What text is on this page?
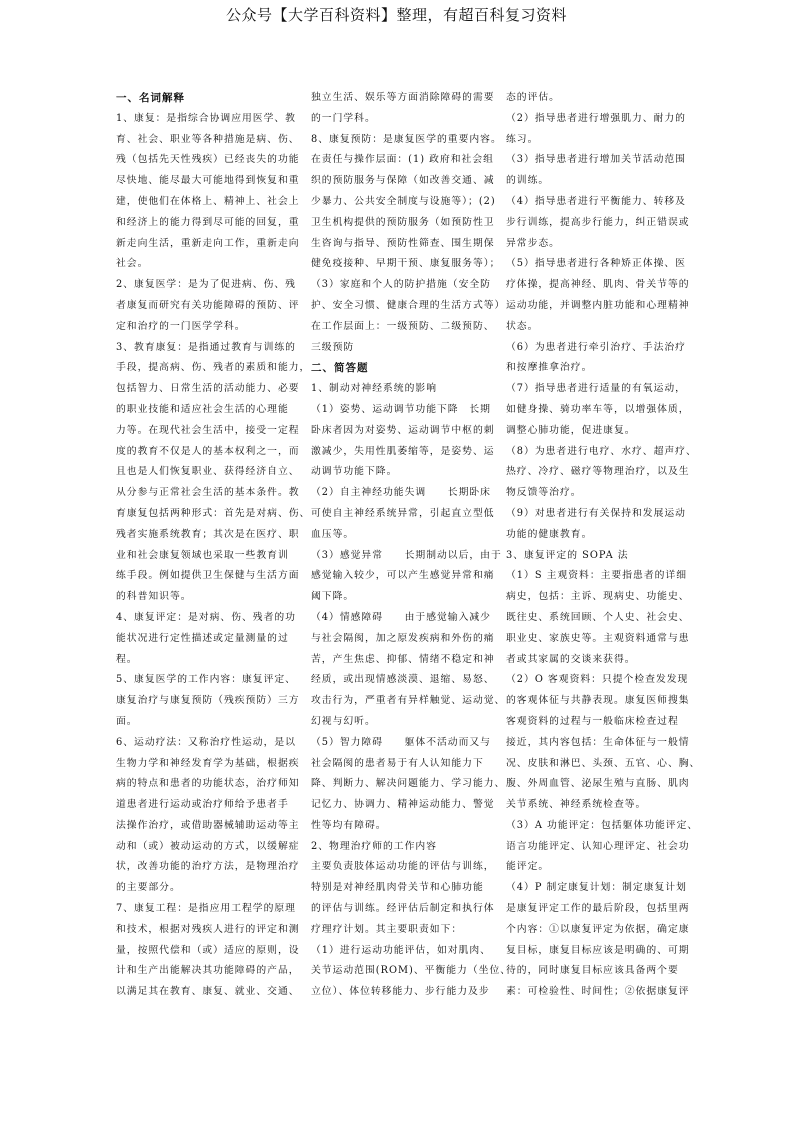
公众号【大学百科资料】整理，有超百科复习资料
一、名词解释
1、康复：是指综合协调应用医学、教
育、社会、职业等各种措施是病、伤、
残（包括先天性残疾）已经丧失的功能
尽快地、能尽最大可能地得到恢复和重
建，使他们在体格上、精神上、社会上
和经济上的能力得到尽可能的回复，重
新走向生活，重新走向工作，重新走向
社会。
2、康复医学：是为了促进病、伤、残
者康复而研究有关功能障碍的预防、评
定和治疗的一门医学学科。
3、教育康复：是指通过教育与训练的
手段，提高病、伤、残者的素质和能力，
包括智力、日常生活的活动能力、必要
的职业技能和适应社会生活的心理能
力等。在现代社会生活中，接受一定程
度的教育不仅是人的基本权利之一，而
且也是人们恢复职业、获得经济自立、
从分参与正常社会生活的基本条件。教
育康复包括两种形式：首先是对病、伤、
残者实施系统教育；其次是在医疗、职
业和社会康复领域也采取一些教育训
练手段。例如提供卫生保健与生活方面
的科普知识等。
4、康复评定：是对病、伤、残者的功
能状况进行定性描述或定量测量的过
程。
5、康复医学的工作内容：康复评定、
康复治疗与康复预防（残疾预防）三方
面。
6、运动疗法：又称治疗性运动，是以
生物力学和神经发育学为基础，根据疾
病的特点和患者的功能状态，治疗师知
道患者进行运动或治疗师给予患者手
法操作治疗，或借助器械辅助运动等主
动和（或）被动运动的方式，以缓解症
状，改善功能的治疗方法，是物理治疗
的主要部分。
7、康复工程：是指应用工程学的原理
和技术，根据对残疾人进行的评定和测
量，按照代偿和（或）适应的原则，设
计和生产出能解决其功能障碍的产品，
以满足其在教育、康复、就业、交通、
独立生活、娱乐等方面消除障碍的需要
的一门学科。
8、康复预防：是康复医学的重要内容。
在责任与操作层面：(1) 政府和社会组
织的预防服务与保障（如改善交通、减
少暴力、公共安全制度与设施等）；(2)
卫生机构提供的预防服务（如预防性卫
生咨询与指导、预防性筛查、围生期保
健免疫接种、早期干预、康复服务等）；
（3）家庭和个人的防护措施（安全防
护、安全习惯、健康合理的生活方式等）
在工作层面上：一级预防、二级预防、
三级预防
二、简答题
1、制动对神经系统的影响
（1）姿势、运动调节功能下降　长期
卧床者因为对姿势、运动调节中枢的刺
激减少，失用性肌萎缩等，是姿势、运
动调节功能下降。
（2）自主神经功能失调　　长期卧床
可使自主神经系统异常，引起直立型低
血压等。
（3）感觉异常　　长期制动以后，由于
感觉输入较少，可以产生感觉异常和痛
阈下降。
（4）情感障碍　　由于感觉输入减少
与社会隔阂，加之原发疾病和外伤的痛
苦，产生焦虑、抑郁、情绪不稳定和神
经质，或出现情感淡漠、退缩、易怒、
攻击行为，严重者有异样触觉、运动觉、
幻视与幻听。
（5）智力障碍　　躯体不活动而又与
社会隔阂的患者易于有人认知能力下
降、判断力、解决问题能力、学习能力、
记忆力、协调力、精神运动能力、警觉
性等均有障碍。
2、物理治疗师的工作内容
主要负责肢体运动功能的评估与训练，
特别是对神经肌肉骨关节和心肺功能
的评估与训练。经评估后制定和执行体
疗理疗计划。其主要职责如下：
（1）进行运动功能评估，如对肌肉、
关节运动范围(ROM)、平衡能力（坐位、
立位）、体位转移能力、步行能力及步
态的评估。
（2）指导患者进行增强肌力、耐力的
练习。
（3）指导患者进行增加关节活动范围
的训练。
（4）指导患者进行平衡能力、转移及
步行训练，提高步行能力，纠正错误或
异常步态。
（5）指导患者进行各种矫正体操、医
疗体操，提高神经、肌肉、骨关节等的
运动功能，并调整内脏功能和心理精神
状态。
（6）为患者进行牵引治疗、手法治疗
和按摩推拿治疗。
（7）指导患者进行适量的有氧运动，
如健身操、骑功率车等，以增强体质，
调整心肺功能，促进康复。
（8）为患者进行电疗、水疗、超声疗、
热疗、冷疗、磁疗等物理治疗，以及生
物反馈等治疗。
（9）对患者进行有关保持和发展运动
功能的健康教育。
3、康复评定的 SOPA 法
（1）S 主观资料：主要指患者的详细
病史，包括：主诉、现病史、功能史、
既往史、系统回顾、个人史、社会史、
职业史、家族史等。主观资料通常与患
者或其家属的交谈来获得。
（2）O 客观资料：只提个检查发发现
的客观体征与共静表现。康复医师搜集
客观资料的过程与一般临床检查过程
接近，其内容包括：生命体征与一般情
况、皮肤和淋巴、头颈、五官、心、胸、
腹、外周血管、泌尿生殖与直肠、肌肉
关节系统、神经系统检查等。
（3）A 功能评定：包括躯体功能评定、
语言功能评定、认知心理评定、社会功
能评定。
（4）P 制定康复计划：制定康复计划
是康复评定工作的最后阶段，包括里两
个内容：①以康复评定为依据，确定康
复目标，康复目标应该是明确的、可期
待的，同时康复目标应该具备两个要
素：可检验性、时间性；②依据康复评
